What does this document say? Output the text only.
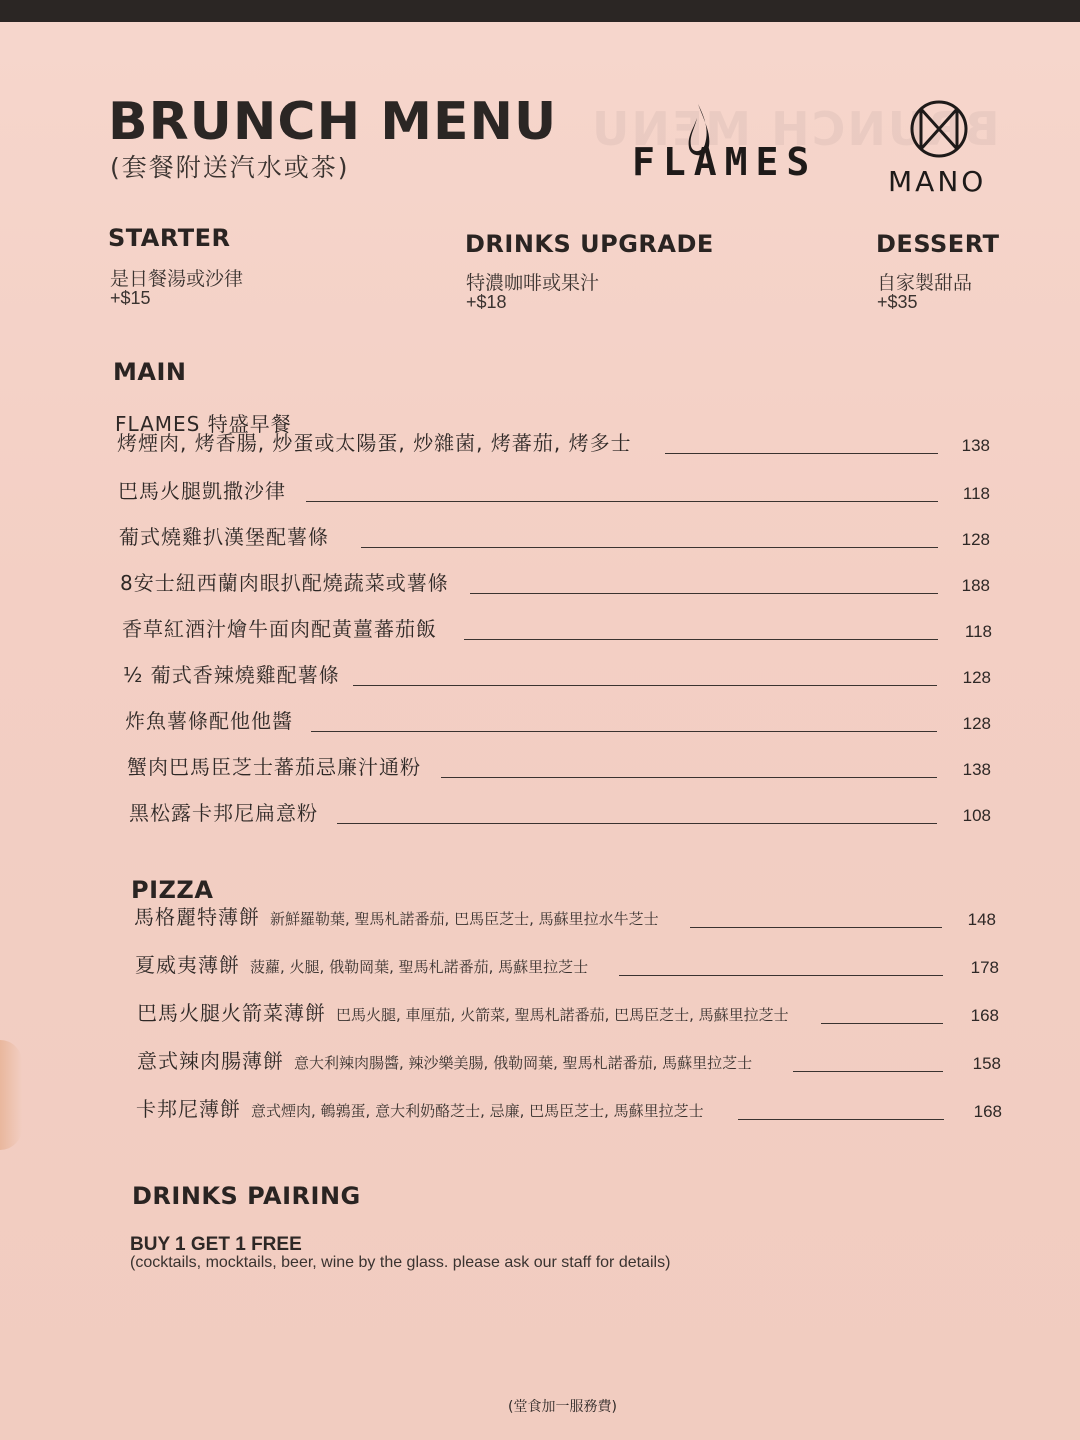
BRUNCH MENU
(套餐附送汽水或茶)	FLAMES	MANO
STARTER
是日餐湯或沙律
+$15
DRINKS UPGRADE
特濃咖啡或果汁
+$18
DESSERT
自家製甜品
+$35
MAIN
FLAMES 特盛早餐
烤煙肉, 烤香腸, 炒蛋或太陽蛋, 炒雜菌, 烤蕃茄, 烤多士	138
巴馬火腿凱撒沙律	118
葡式燒雞扒漢堡配薯條	128
8安士紐西蘭肉眼扒配燒蔬菜或薯條	188
香草紅酒汁燴牛面肉配黃薑蕃茄飯	118
½ 葡式香辣燒雞配薯條	128
炸魚薯條配他他醬	128
蟹肉巴馬臣芝士蕃茄忌廉汁通粉	138
黑松露卡邦尼扁意粉	108
PIZZA
馬格麗特薄餅 新鮮羅勒葉, 聖馬札諾番茄, 巴馬臣芝士, 馬蘇里拉水牛芝士	148
夏威夷薄餅 菠蘿, 火腿, 俄勒岡葉, 聖馬札諾番茄, 馬蘇里拉芝士	178
巴馬火腿火箭菜薄餅 巴馬火腿, 車厘茄, 火箭菜, 聖馬札諾番茄, 巴馬臣芝士, 馬蘇里拉芝士	168
意式辣肉腸薄餅 意大利辣肉腸醬, 辣沙樂美腸, 俄勒岡葉, 聖馬札諾番茄, 馬蘇里拉芝士	158
卡邦尼薄餅 意式煙肉, 鵪鶉蛋, 意大利奶酪芝士, 忌廉, 巴馬臣芝士, 馬蘇里拉芝士	168
DRINKS PAIRING
BUY 1 GET 1 FREE
(cocktails, mocktails, beer, wine by the glass. please ask our staff for details)
(堂食加一服務費)
